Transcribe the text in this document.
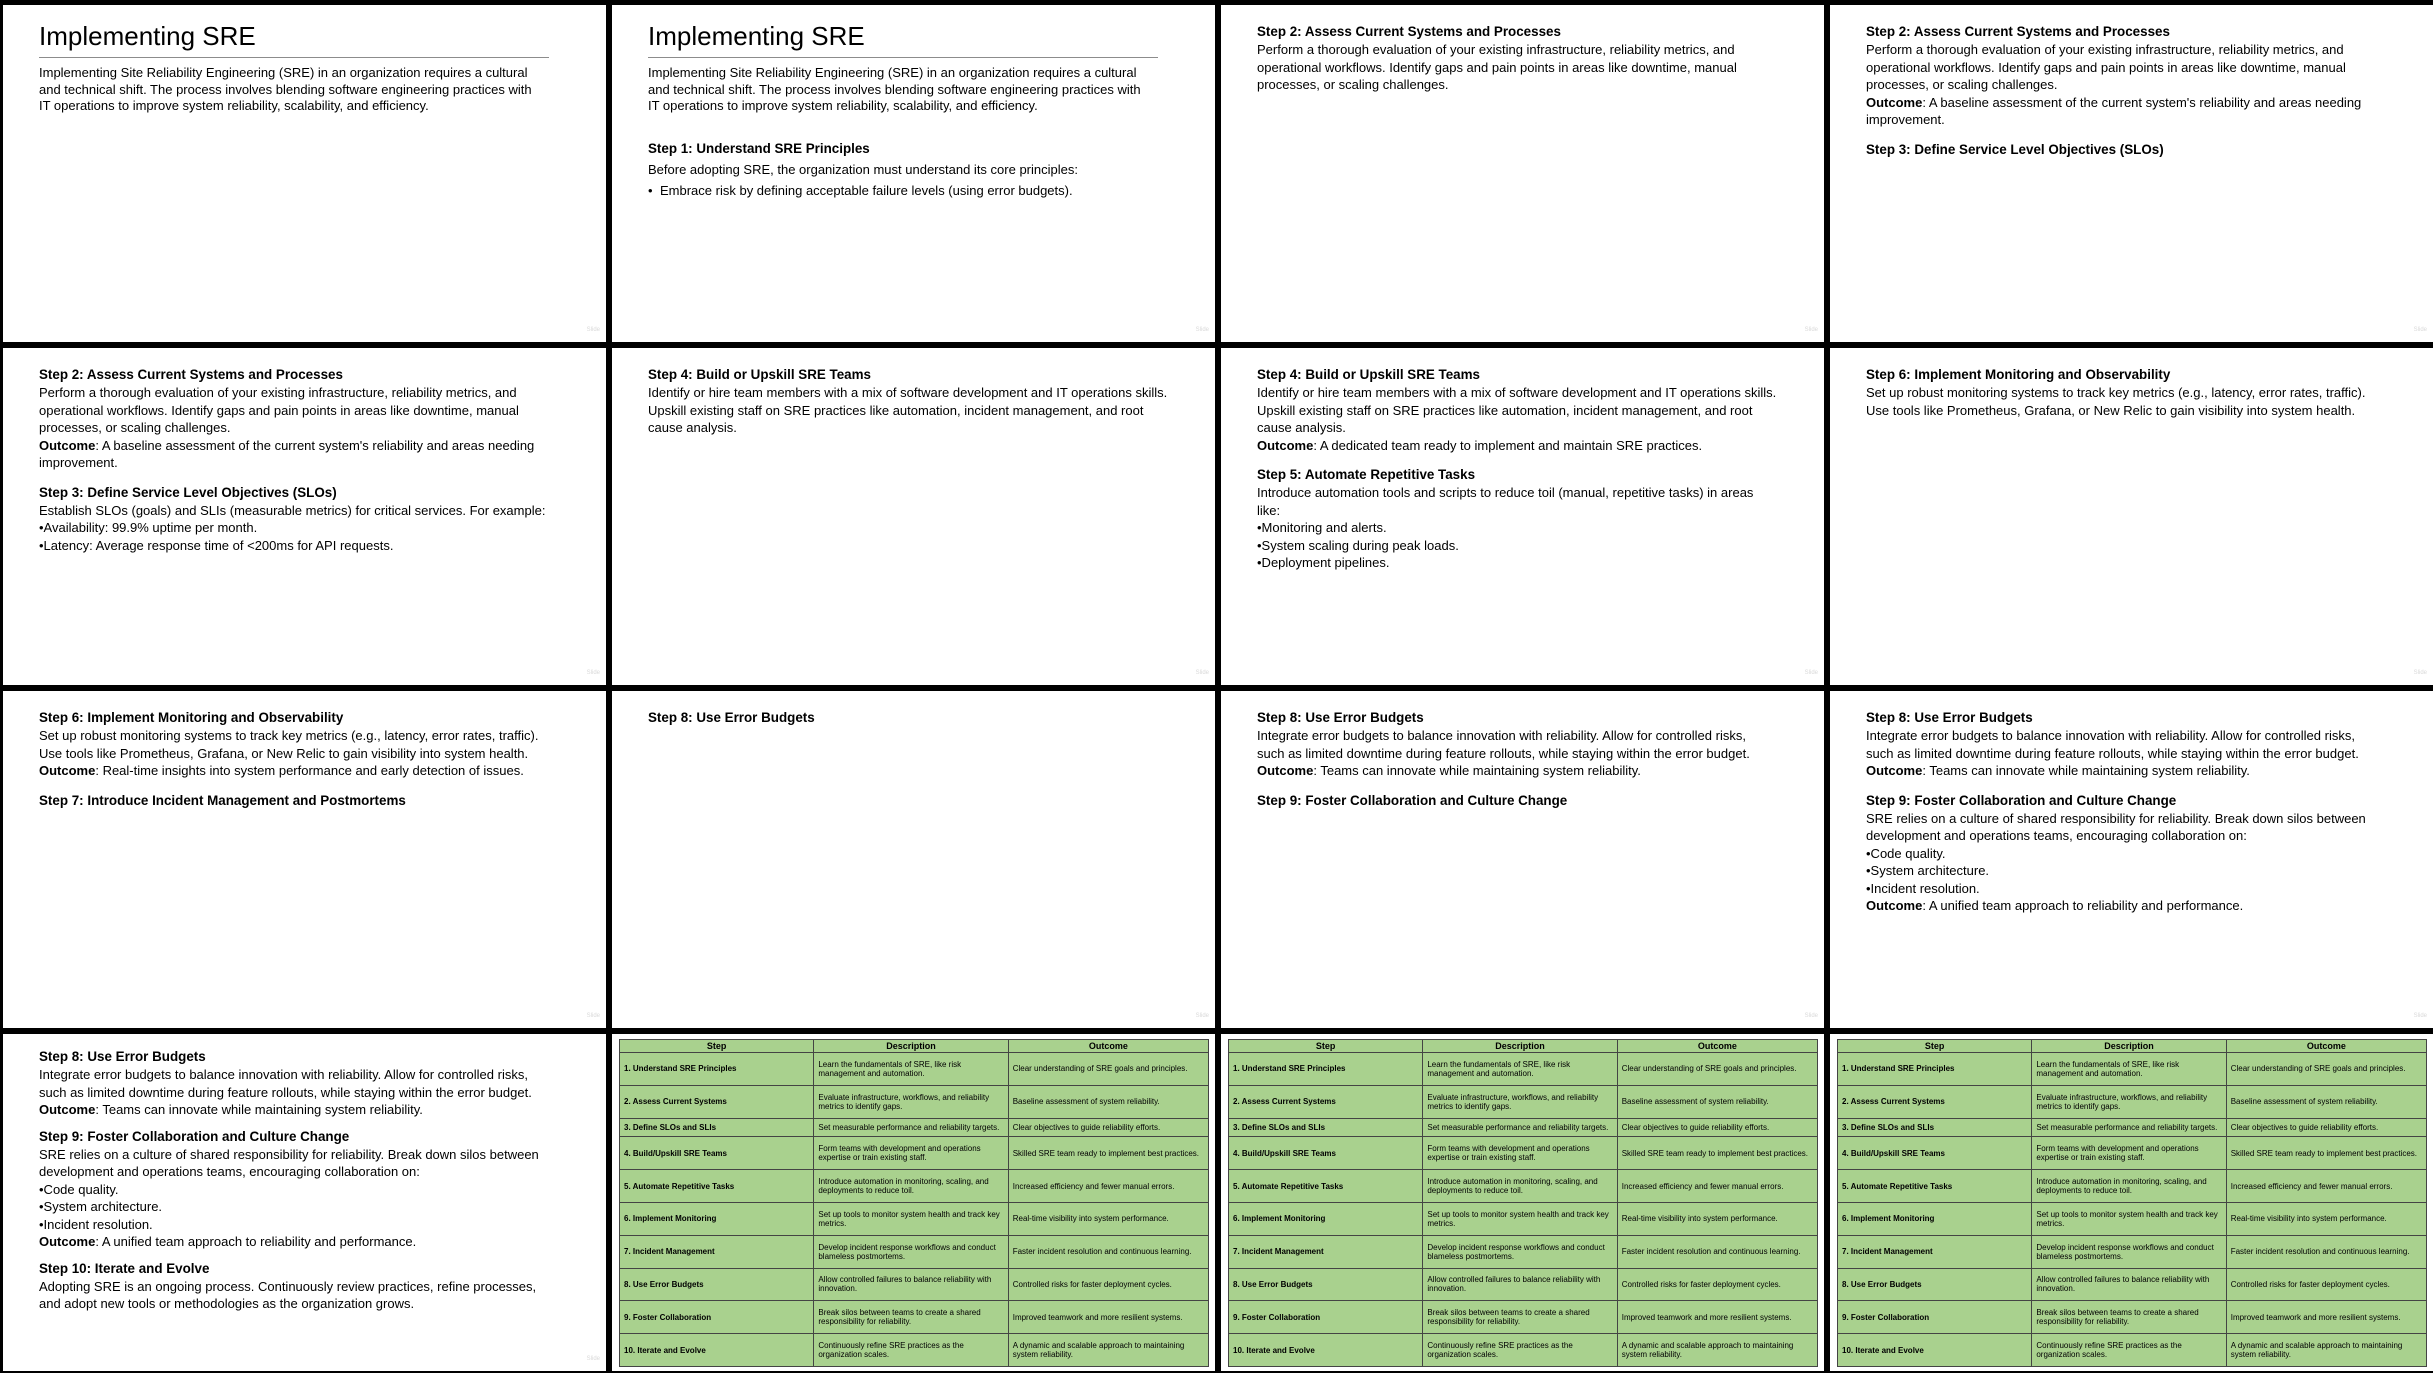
Implementing SRE
Implementing Site Reliability Engineering (SRE) in an organization requires a cultural and technical shift. The process involves blending software engineering practices with IT operations to improve system reliability, scalability, and efficiency.
Slide
Implementing SRE
Implementing Site Reliability Engineering (SRE) in an organization requires a cultural and technical shift. The process involves blending software engineering practices with IT operations to improve system reliability, scalability, and efficiency.
Step 1: Understand SRE Principles
Before adopting SRE, the organization must understand its core principles:
• Embrace risk by defining acceptable failure levels (using error budgets).
Slide
Step 2: Assess Current Systems and Processes
Perform a thorough evaluation of your existing infrastructure, reliability metrics, and operational workflows. Identify gaps and pain points in areas like downtime, manual processes, or scaling challenges.
Slide
Step 2: Assess Current Systems and Processes
Perform a thorough evaluation of your existing infrastructure, reliability metrics, and operational workflows. Identify gaps and pain points in areas like downtime, manual processes, or scaling challenges.
Outcome: A baseline assessment of the current system's reliability and areas needing improvement.
Step 3: Define Service Level Objectives (SLOs)
Slide
Step 2: Assess Current Systems and Processes
Perform a thorough evaluation of your existing infrastructure, reliability metrics, and operational workflows. Identify gaps and pain points in areas like downtime, manual processes, or scaling challenges.
Outcome: A baseline assessment of the current system's reliability and areas needing improvement.
Step 3: Define Service Level Objectives (SLOs)
Establish SLOs (goals) and SLIs (measurable metrics) for critical services. For example:
•Availability: 99.9% uptime per month.
•Latency: Average response time of <200ms for API requests.
Slide
Step 4: Build or Upskill SRE Teams
Identify or hire team members with a mix of software development and IT operations skills. Upskill existing staff on SRE practices like automation, incident management, and root cause analysis.
Slide
Step 4: Build or Upskill SRE Teams
Identify or hire team members with a mix of software development and IT operations skills. Upskill existing staff on SRE practices like automation, incident management, and root cause analysis.
Outcome: A dedicated team ready to implement and maintain SRE practices.
Step 5: Automate Repetitive Tasks
Introduce automation tools and scripts to reduce toil (manual, repetitive tasks) in areas like:
•Monitoring and alerts.
•System scaling during peak loads.
•Deployment pipelines.
Slide
Step 6: Implement Monitoring and Observability
Set up robust monitoring systems to track key metrics (e.g., latency, error rates, traffic). Use tools like Prometheus, Grafana, or New Relic to gain visibility into system health.
Slide
Step 6: Implement Monitoring and Observability
Set up robust monitoring systems to track key metrics (e.g., latency, error rates, traffic). Use tools like Prometheus, Grafana, or New Relic to gain visibility into system health.
Outcome: Real-time insights into system performance and early detection of issues.
Step 7: Introduce Incident Management and Postmortems
Slide
Step 8: Use Error Budgets
Slide
Step 8: Use Error Budgets
Integrate error budgets to balance innovation with reliability. Allow for controlled risks, such as limited downtime during feature rollouts, while staying within the error budget.
Outcome: Teams can innovate while maintaining system reliability.
Step 9: Foster Collaboration and Culture Change
Slide
Step 8: Use Error Budgets
Integrate error budgets to balance innovation with reliability. Allow for controlled risks, such as limited downtime during feature rollouts, while staying within the error budget.
Outcome: Teams can innovate while maintaining system reliability.
Step 9: Foster Collaboration and Culture Change
SRE relies on a culture of shared responsibility for reliability. Break down silos between development and operations teams, encouraging collaboration on:
•Code quality.
•System architecture.
•Incident resolution.
Outcome: A unified team approach to reliability and performance.
Slide
Step 8: Use Error Budgets
Integrate error budgets to balance innovation with reliability. Allow for controlled risks, such as limited downtime during feature rollouts, while staying within the error budget.
Outcome: Teams can innovate while maintaining system reliability.
Step 9: Foster Collaboration and Culture Change
SRE relies on a culture of shared responsibility for reliability. Break down silos between development and operations teams, encouraging collaboration on:
•Code quality.
•System architecture.
•Incident resolution.
Outcome: A unified team approach to reliability and performance.
Step 10: Iterate and Evolve
Adopting SRE is an ongoing process. Continuously review practices, refine processes, and adopt new tools or methodologies as the organization grows.
Slide
Step	Description	Outcome
1. Understand SRE Principles	Learn the fundamentals of SRE, like risk management and automation.	Clear understanding of SRE goals and principles.
2. Assess Current Systems	Evaluate infrastructure, workflows, and reliability metrics to identify gaps.	Baseline assessment of system reliability.
3. Define SLOs and SLIs	Set measurable performance and reliability targets.	Clear objectives to guide reliability efforts.
4. Build/Upskill SRE Teams	Form teams with development and operations expertise or train existing staff.	Skilled SRE team ready to implement best practices.
5. Automate Repetitive Tasks	Introduce automation in monitoring, scaling, and deployments to reduce toil.	Increased efficiency and fewer manual errors.
6. Implement Monitoring	Set up tools to monitor system health and track key metrics.	Real-time visibility into system performance.
7. Incident Management	Develop incident response workflows and conduct blameless postmortems.	Faster incident resolution and continuous learning.
8. Use Error Budgets	Allow controlled failures to balance reliability with innovation.	Controlled risks for faster deployment cycles.
9. Foster Collaboration	Break silos between teams to create a shared responsibility for reliability.	Improved teamwork and more resilient systems.
10. Iterate and Evolve	Continuously refine SRE practices as the organization scales.	A dynamic and scalable approach to maintaining system reliability.
Step	Description	Outcome
1. Understand SRE Principles	Learn the fundamentals of SRE, like risk management and automation.	Clear understanding of SRE goals and principles.
2. Assess Current Systems	Evaluate infrastructure, workflows, and reliability metrics to identify gaps.	Baseline assessment of system reliability.
3. Define SLOs and SLIs	Set measurable performance and reliability targets.	Clear objectives to guide reliability efforts.
4. Build/Upskill SRE Teams	Form teams with development and operations expertise or train existing staff.	Skilled SRE team ready to implement best practices.
5. Automate Repetitive Tasks	Introduce automation in monitoring, scaling, and deployments to reduce toil.	Increased efficiency and fewer manual errors.
6. Implement Monitoring	Set up tools to monitor system health and track key metrics.	Real-time visibility into system performance.
7. Incident Management	Develop incident response workflows and conduct blameless postmortems.	Faster incident resolution and continuous learning.
8. Use Error Budgets	Allow controlled failures to balance reliability with innovation.	Controlled risks for faster deployment cycles.
9. Foster Collaboration	Break silos between teams to create a shared responsibility for reliability.	Improved teamwork and more resilient systems.
10. Iterate and Evolve	Continuously refine SRE practices as the organization scales.	A dynamic and scalable approach to maintaining system reliability.
Step	Description	Outcome
1. Understand SRE Principles	Learn the fundamentals of SRE, like risk management and automation.	Clear understanding of SRE goals and principles.
2. Assess Current Systems	Evaluate infrastructure, workflows, and reliability metrics to identify gaps.	Baseline assessment of system reliability.
3. Define SLOs and SLIs	Set measurable performance and reliability targets.	Clear objectives to guide reliability efforts.
4. Build/Upskill SRE Teams	Form teams with development and operations expertise or train existing staff.	Skilled SRE team ready to implement best practices.
5. Automate Repetitive Tasks	Introduce automation in monitoring, scaling, and deployments to reduce toil.	Increased efficiency and fewer manual errors.
6. Implement Monitoring	Set up tools to monitor system health and track key metrics.	Real-time visibility into system performance.
7. Incident Management	Develop incident response workflows and conduct blameless postmortems.	Faster incident resolution and continuous learning.
8. Use Error Budgets	Allow controlled failures to balance reliability with innovation.	Controlled risks for faster deployment cycles.
9. Foster Collaboration	Break silos between teams to create a shared responsibility for reliability.	Improved teamwork and more resilient systems.
10. Iterate and Evolve	Continuously refine SRE practices as the organization scales.	A dynamic and scalable approach to maintaining system reliability.
